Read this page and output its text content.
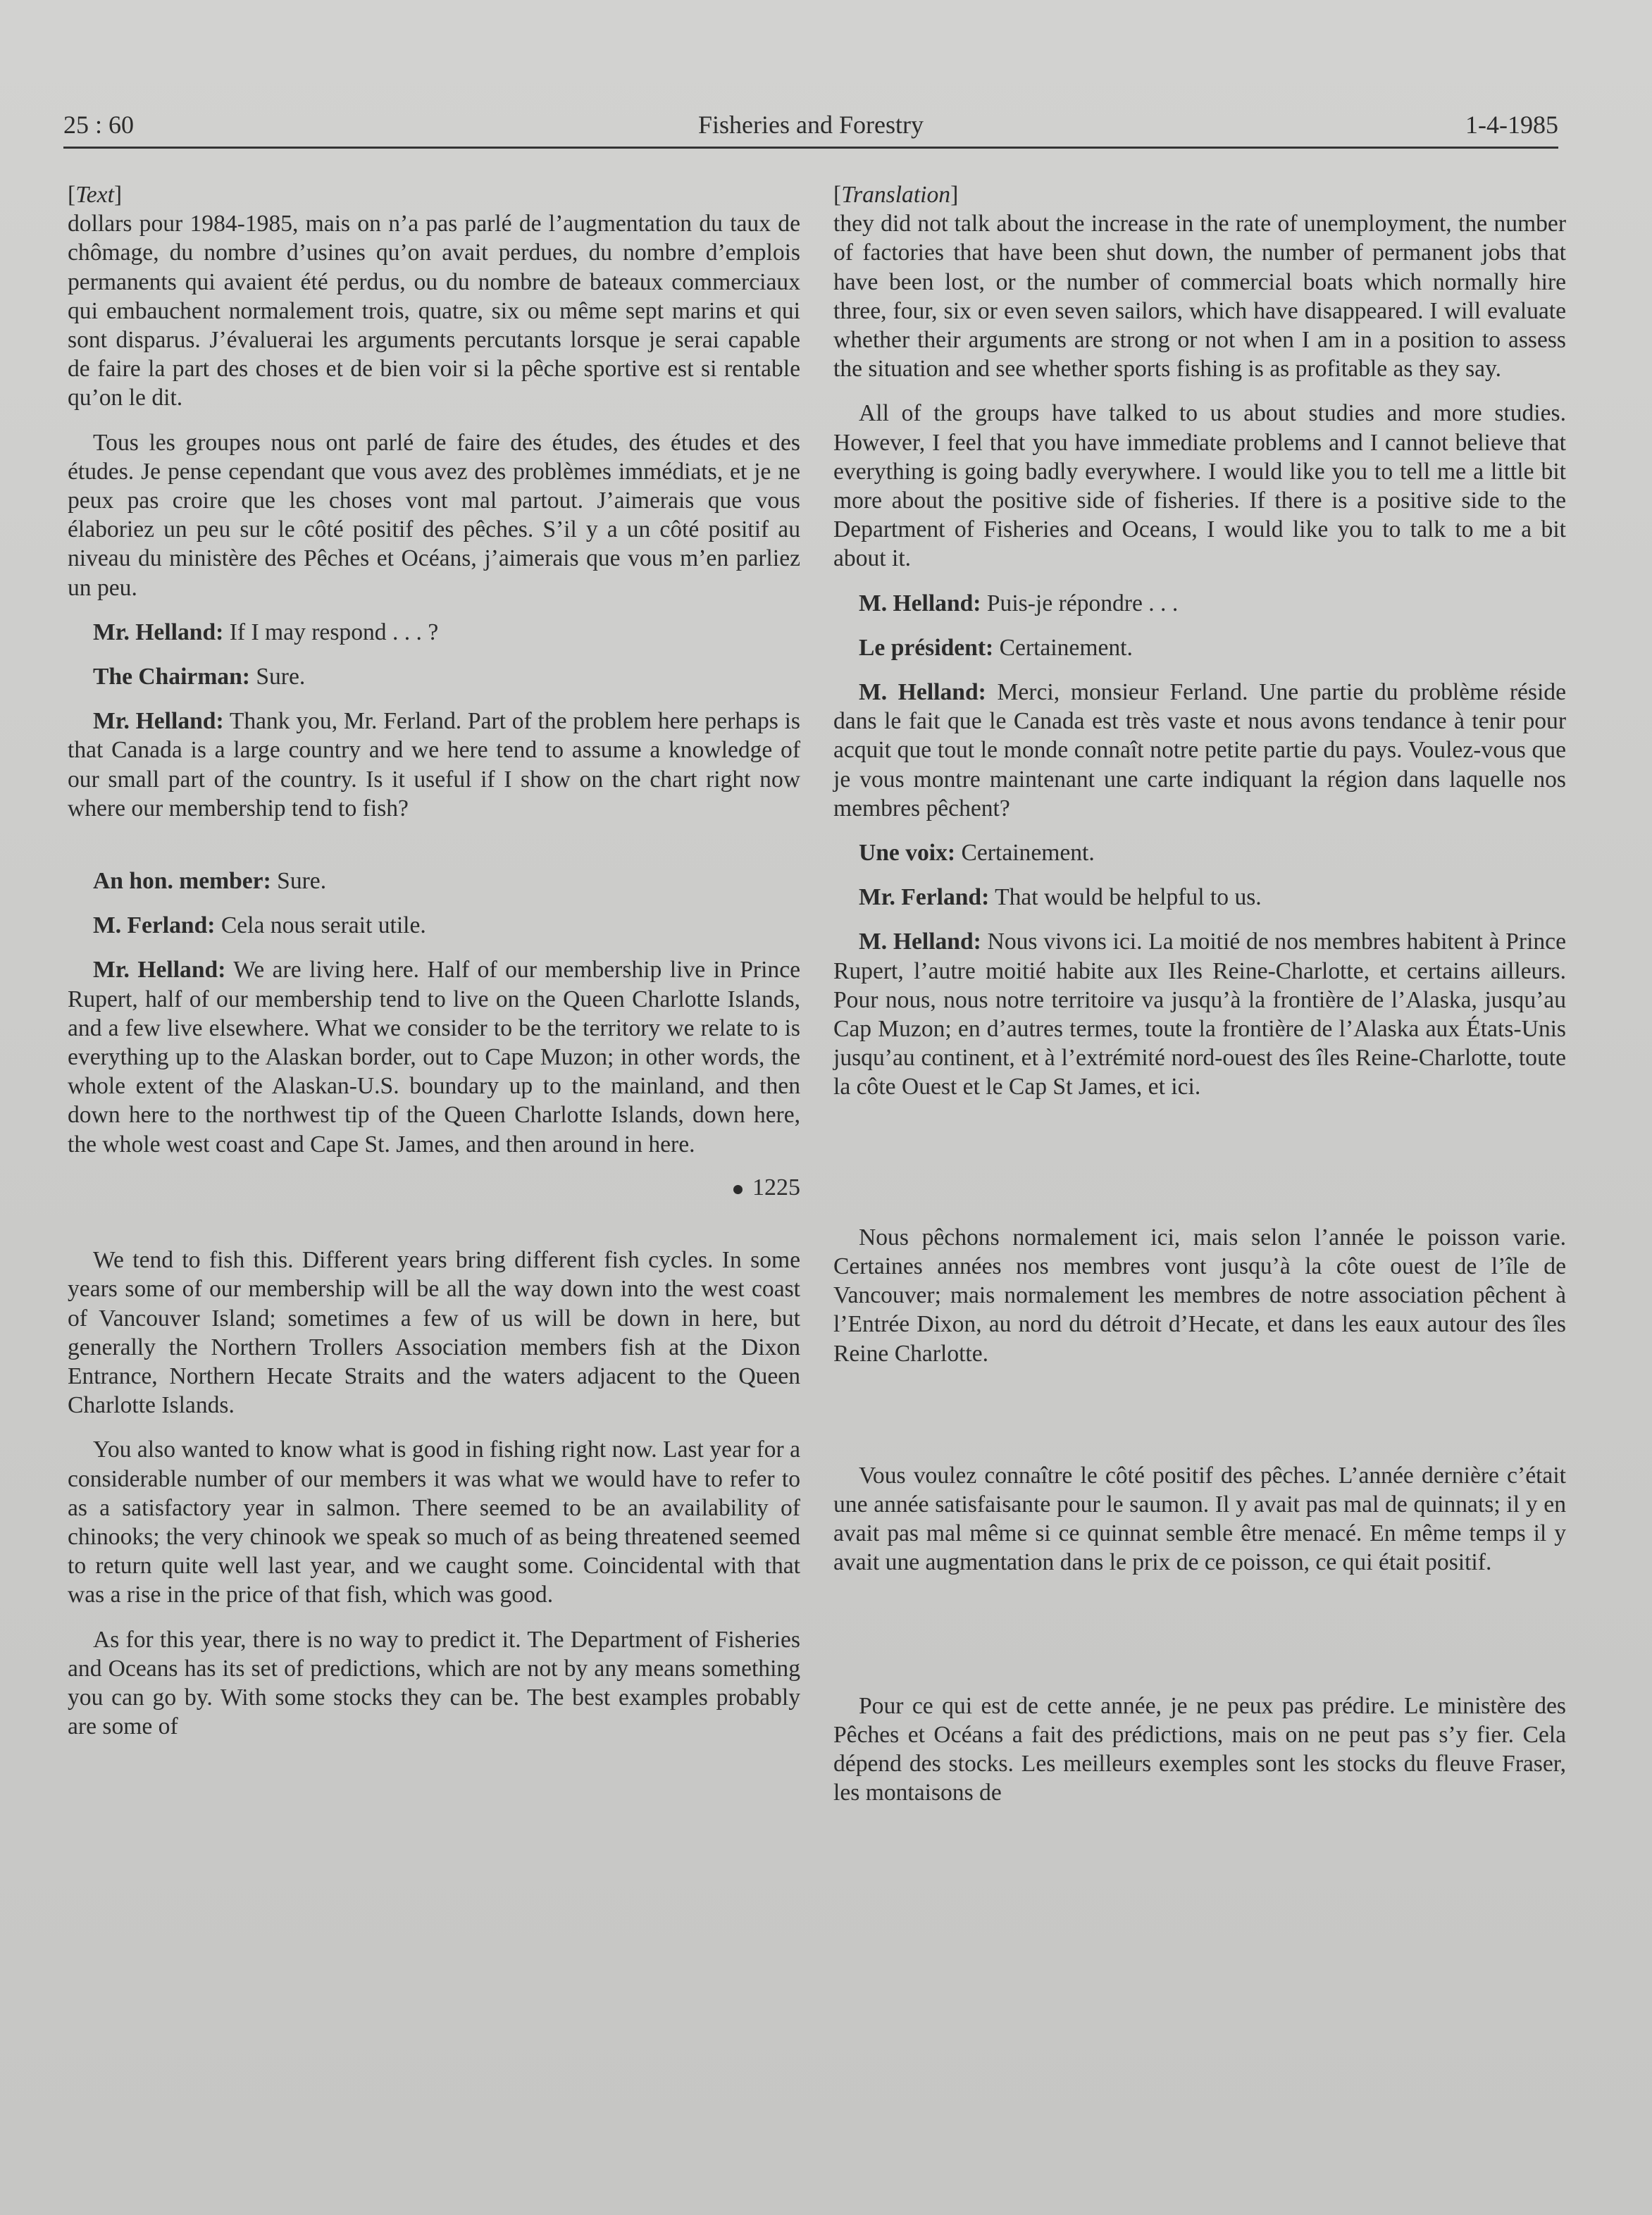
25 : 60	Fisheries and Forestry	1-4-1985
[ Text ]

dollars pour 1984-1985, mais on n’a pas parlé de l’augmentation du taux de chômage, du nombre d’usines qu’on avait perdues, du nombre d’emplois permanents qui avaient été perdus, ou du nombre de bateaux commerciaux qui embauchent normalement trois, quatre, six ou même sept marins et qui sont disparus. J’évaluerai les arguments percutants lorsque je serai capable de faire la part des choses et de bien voir si la pêche sportive est si rentable qu’on le dit.

Tous les groupes nous ont parlé de faire des études, des études et des études. Je pense cependant que vous avez des problèmes immédiats, et je ne peux pas croire que les choses vont mal partout. J’aimerais que vous élaboriez un peu sur le côté positif des pêches. S’il y a un côté positif au niveau du ministère des Pêches et Océans, j’aimerais que vous m’en parliez un peu.

Mr. Helland: If I may respond . . . ?

The Chairman: Sure.

Mr. Helland: Thank you, Mr. Ferland. Part of the problem here perhaps is that Canada is a large country and we here tend to assume a knowledge of our small part of the country. Is it useful if I show on the chart right now where our membership tend to fish?

An hon. member: Sure.

M. Ferland: Cela nous serait utile.

Mr. Helland: We are living here. Half of our membership live in Prince Rupert, half of our membership tend to live on the Queen Charlotte Islands, and a few live elsewhere. What we consider to be the territory we relate to is everything up to the Alaskan border, out to Cape Muzon; in other words, the whole extent of the Alaskan-U.S. boundary up to the mainland, and then down here to the northwest tip of the Queen Charlotte Islands, down here, the whole west coast and Cape St. James, and then around in here.

1225

We tend to fish this. Different years bring different fish cycles. In some years some of our membership will be all the way down into the west coast of Vancouver Island; sometimes a few of us will be down in here, but generally the Northern Trollers Association members fish at the Dixon Entrance, Northern Hecate Straits and the waters adjacent to the Queen Charlotte Islands.

You also wanted to know what is good in fishing right now. Last year for a considerable number of our members it was what we would have to refer to as a satisfactory year in salmon. There seemed to be an availability of chinooks; the very chinook we speak so much of as being threatened seemed to return quite well last year, and we caught some. Coincidental with that was a rise in the price of that fish, which was good.

As for this year, there is no way to predict it. The Department of Fisheries and Oceans has its set of predictions, which are not by any means something you can go by. With some stocks they can be. The best examples probably are some of

[ Translation ]

they did not talk about the increase in the rate of unemployment, the number of factories that have been shut down, the number of permanent jobs that have been lost, or the number of commercial boats which normally hire three, four, six or even seven sailors, which have disappeared. I will evaluate whether their arguments are strong or not when I am in a position to assess the situation and see whether sports fishing is as profitable as they say.

All of the groups have talked to us about studies and more studies. However, I feel that you have immediate problems and I cannot believe that everything is going badly everywhere. I would like you to tell me a little bit more about the positive side of fisheries. If there is a positive side to the Department of Fisheries and Oceans, I would like you to talk to me a bit about it.

M. Helland: Puis-je répondre . . .

Le président: Certainement.

M. Helland: Merci, monsieur Ferland. Une partie du problème réside dans le fait que le Canada est très vaste et nous avons tendance à tenir pour acquit que tout le monde connaît notre petite partie du pays. Voulez-vous que je vous montre maintenant une carte indiquant la région dans laquelle nos membres pêchent?

Une voix: Certainement.

Mr. Ferland: That would be helpful to us.

M. Helland: Nous vivons ici. La moitié de nos membres habitent à Prince Rupert, l’autre moitié habite aux Iles Reine-Charlotte, et certains ailleurs. Pour nous, nous notre territoire va jusqu’à la frontière de l’Alaska, jusqu’au Cap Muzon; en d’autres termes, toute la frontière de l’Alaska aux États-Unis jusqu’au continent, et à l’extrémité nord-ouest des îles Reine-Charlotte, toute la côte Ouest et le Cap St James, et ici.

Nous pêchons normalement ici, mais selon l’année le poisson varie. Certaines années nos membres vont jusqu’à la côte ouest de l’île de Vancouver; mais normalement les membres de notre association pêchent à l’Entrée Dixon, au nord du détroit d’Hecate, et dans les eaux autour des îles Reine Charlotte.

Vous voulez connaître le côté positif des pêches. L’année dernière c’était une année satisfaisante pour le saumon. Il y avait pas mal de quinnats; il y en avait pas mal même si ce quinnat semble être menacé. En même temps il y avait une augmentation dans le prix de ce poisson, ce qui était positif.

Pour ce qui est de cette année, je ne peux pas prédire. Le ministère des Pêches et Océans a fait des prédictions, mais on ne peut pas s’y fier. Cela dépend des stocks. Les meilleurs exemples sont les stocks du fleuve Fraser, les montaisons de
